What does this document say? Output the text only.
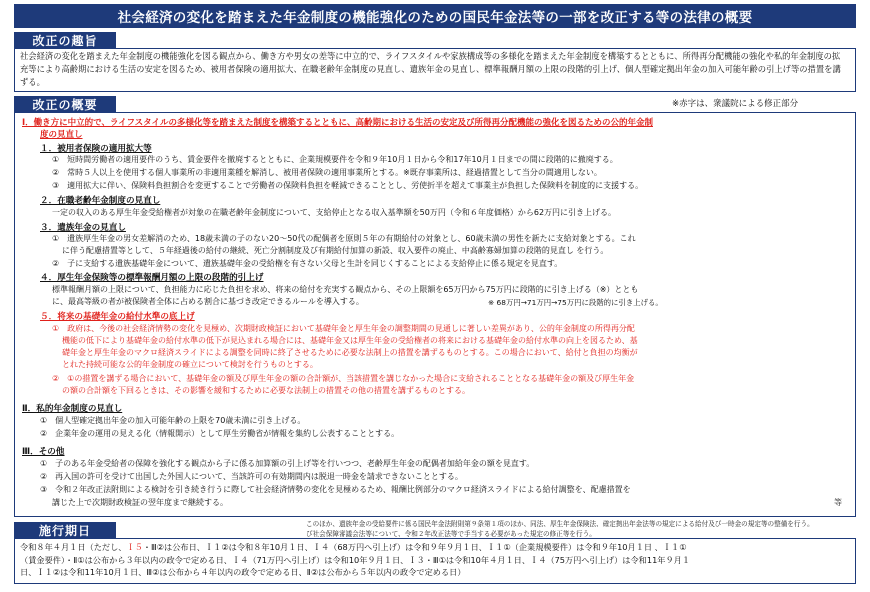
社会経済の変化を踏まえた年金制度の機能強化のための国民年金法等の一部を改正する等の法律の概要
改正の趣旨
社会経済の変化を踏まえた年金制度の機能強化を図る観点から、働き方や男女の差等に中立的で、ライフスタイルや家族構成等の多様化を踏まえた年金制度を構築するとともに、所得再分配機能の強化や私的年金制度の拡充等により高齢期における生活の安定を図るため、被用者保険の適用拡大、在職老齢年金制度の見直し、遺族年金の見直し、標準報酬月額の上限の段階的引上げ、個人型確定拠出年金の加入可能年齢の引上げ等の措置を講ずる。
改正の概要	※赤字は、衆議院による修正部分
Ⅰ．働き方に中立的で、ライフスタイルの多様化等を踏まえた制度を構築するとともに、高齢期における生活の安定及び所得再分配機能の強化を図るための公的年金制
度の見直し
１．被用者保険の適用拡大等
①　短時間労働者の適用要件のうち、賃金要件を撤廃するとともに、企業規模要件を令和９年10月１日から令和17年10月１日までの間に段階的に撤廃する。
②　常時５人以上を使用する個人事業所の非適用業種を解消し、被用者保険の適用事業所とする。※既存事業所は、経過措置として当分の間適用しない。
③　適用拡大に伴い、保険料負担割合を変更することで労働者の保険料負担を軽減できることとし、労使折半を超えて事業主が負担した保険料を制度的に支援する。
２．在職老齢年金制度の見直し
一定の収入のある厚生年金受給権者が対象の在職老齢年金制度について、支給停止となる収入基準額を50万円（令和６年度価格）から62万円に引き上げる。
３．遺族年金の見直し
①　遺族厚生年金の男女差解消のため、18歳未満の子のない20～50代の配偶者を原則５年の有期給付の対象とし、60歳未満の男性を新たに支給対象とする。これ
に伴う配慮措置等として、５年経過後の給付の継続、死亡分割制度及び有期給付加算の新設、収入要件の廃止、中高齢寡婦加算の段階的見直し を行う。
②　子に支給する遺族基礎年金について、遺族基礎年金の受給権を有さない父母と生計を同じくすることによる支給停止に係る規定を見直す。
４．厚生年金保険等の標準報酬月額の上限の段階的引上げ
標準報酬月額の上限について、負担能力に応じた負担を求め、将来の給付を充実する観点から、その上限額を65万円から75万円に段階的に引き上げる（※）ととも
に、最高等級の者が被保険者全体に占める割合に基づき改定できるルールを導入する。	※ 68万円→71万円→75万円に段階的に引き上げる。
５．将来の基礎年金の給付水準の底上げ
①　政府は、今後の社会経済情勢の変化を見極め、次期財政検証において基礎年金と厚生年金の調整期間の見通しに著しい差異があり、公的年金制度の所得再分配
機能の低下により基礎年金の給付水準の低下が見込まれる場合には、基礎年金又は厚生年金の受給権者の将来における基礎年金の給付水準の向上を図るため、基
礎年金と厚生年金のマクロ経済スライドによる調整を同時に終了させるために必要な法制上の措置を講ずるものとする。この場合において、給付と負担の均衡が
とれた持続可能な公的年金制度の確立について検討を行うものとする。
②　①の措置を講ずる場合において、基礎年金の額及び厚生年金の額の合計額が、当該措置を講じなかった場合に支給されることとなる基礎年金の額及び厚生年金
の額の合計額を下回るときは、その影響を緩和するために必要な法制上の措置その他の措置を講ずるものとする。
Ⅱ．私的年金制度の見直し
①　個人型確定拠出年金の加入可能年齢の上限を70歳未満に引き上げる。
②　企業年金の運用の見える化（情報開示）として厚生労働省が情報を集約し公表することとする。
Ⅲ．その他
①　子のある年金受給者の保障を強化する観点から子に係る加算額の引上げ等を行いつつ、老齢厚生年金の配偶者加給年金の額を見直す。
②　再入国の許可を受けて出国した外国人について、当該許可の有効期間内は脱退一時金を請求できないこととする。
③　令和２年改正法附則による検討を引き続き行うに際して社会経済情勢の変化を見極めるため、報酬比例部分のマクロ経済スライドによる給付調整を、配慮措置を
講じた上で次期財政検証の翌年度まで継続する。	等
このほか、遺族年金の受給要件に係る国民年金法附則第９条第１項のほか、同法、厚生年金保険法、確定拠出年金法等の規定による給付及び一時金の規定等の整備を行う。
び社会保障審議会法等について、令和２年改正法等で手当する必要があった規定の修正等を行う。
施行期日
令和８年４月１日（ただし、Ｉ５・Ⅲ②は公布日、Ｉ１②は令和８年10月１日、Ｉ４（68万円へ引上げ）は令和９年９月１日、Ｉ１①（企業規模要件）は令和９年10月１日 、Ｉ１①
（賃金要件）・Ⅱ①は公布から３年以内の政令で定める日、Ｉ４（71万円へ引上げ）は令和10年９月１日、Ｉ３・Ⅲ①は令和10年４月１日、Ｉ４（75万円へ引上げ）は令和11年９月１
日、Ｉ１②は令和11年10月１日、Ⅲ②は公布から４年以内の政令で定める日、Ⅱ②は公布から５年以内の政令で定める日）
